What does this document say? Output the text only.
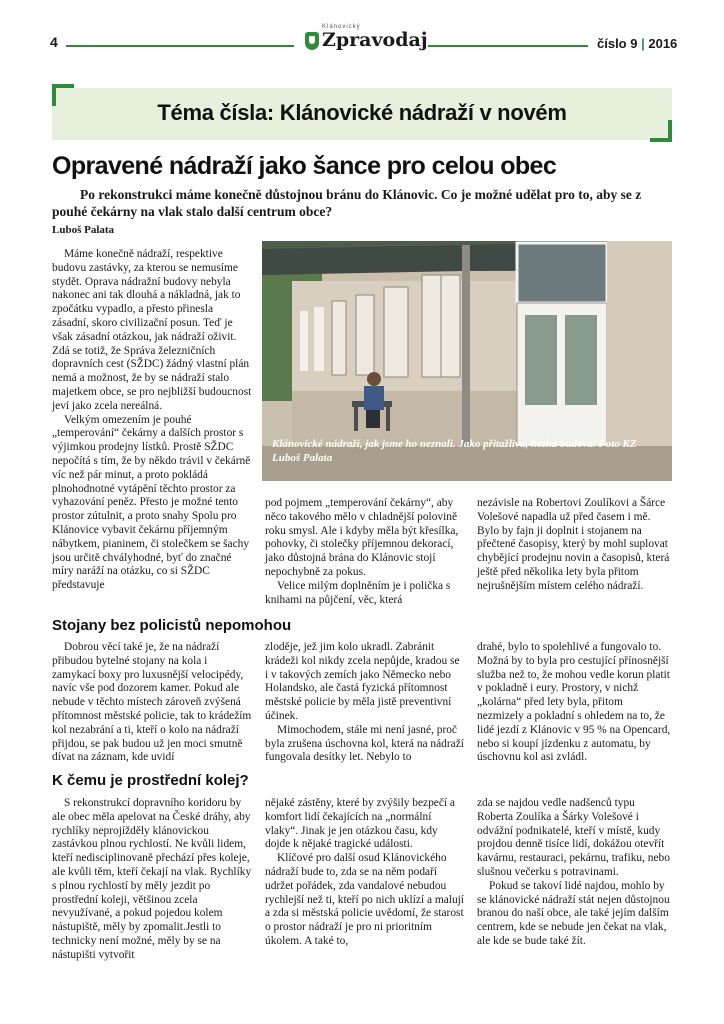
4
Klánovický
Zpravodaj	číslo 9 | 2016
Téma čísla: Klánovické nádraží v novém
Opravené nádraží jako šance pro celou obec
Po rekonstrukci máme konečně důstojnou bránu do Klánovic. Co je možné udělat pro to, aby se z pouhé čekárny na vlak stalo další centrum obce?
Luboš Palata
Klánovické nádraží, jak jsme ho neznali. Jako přitažlivá, hezká budova. Foto KZ Luboš Palata

Máme konečně nádraží, respektive budovu zastávky, za kterou se nemusíme stydět. Oprava nádražní budovy nebyla nakonec ani tak dlouhá a nákladná, jak to zpočátku vypadlo, a přesto přinesla zásadní, skoro civilizační posun. Teď je však zásadní otázkou, jak nádraží oživit. Zdá se totiž, že Správa železničních dopravních cest (SŽDC) žádný vlastní plán nemá a možnost, že by se nádraží stalo majetkem obce, se pro nejbližší budoucnost jeví jako zcela nereálná.

Velkým omezením je pouhé „temperování“ čekárny a dalších prostor s výjimkou prodejny lístků. Prostě SŽDC nepočítá s tím, že by někdo trávil v čekárně víc než pár minut, a proto pokládá plnohodnotné vytápění těchto prostor za vyhazování peněz. Přesto je možné tento prostor zútulnit, a proto snahy Spolu pro Klánovice vybavit čekárnu příjemným nábytkem, pianinem, či stolečkem se šachy jsou určitě chvályhodné, byť do značné míry naráží na otázku, co si SŽDC představuje

pod pojmem „temperování čekárny“, aby něco takového mělo v chladnější polovině roku smysl. Ale i kdyby měla být křesílka, pohovky, či stolečky příjemnou dekorací, jako důstojná brána do Klánovic stojí nepochybně za pokus.

Velice milým doplněním je i polička s knihami na půjčení, věc, která

nezávisle na Robertovi Zoulíkovi a Šárce Volešové napadla už před časem i mě. Bylo by fajn ji doplnit i stojanem na přečtené časopisy, který by mohl suplovat chybějící prodejnu novin a časopisů, která ještě před několika lety byla přitom nejrušnějším místem celého nádraží.

Stojany bez policistů nepomohou

Dobrou věcí také je, že na nádraží přibudou bytelné stojany na kola i zamykací boxy pro luxusnější velocipédy, navíc vše pod dozorem kamer. Pokud ale nebude v těchto místech zároveň zvýšená přítomnost městské policie, tak to krádežím kol nezabrání a ti, kteří o kolo na nádraží přijdou, se pak budou už jen moci smutně dívat na záznam, kde uvidí

zloděje, jež jim kolo ukradl. Zabránit krádeži kol nikdy zcela nepůjde, kradou se i v takových zemích jako Německo nebo Holandsko, ale častá fyzická přítomnost městské policie by měla jistě preventivní účinek.

Mimochodem, stále mi není jasné, proč byla zrušena úschovna kol, která na nádraží fungovala desítky let. Nebylo to

drahé, bylo to spolehlivé a fungovalo to. Možná by to byla pro cestující přínosnější služba než to, že mohou vedle korun platit v pokladně i eury. Prostory, v nichž „kolárna“ před lety byla, přitom nezmizely a pokladní s ohledem na to, že lidé jezdí z Klánovic v 95 % na Opencard, nebo si koupí jízdenku z automatu, by úschovnu kol asi zvládl.

K čemu je prostřední kolej?

S rekonstrukcí dopravního koridoru by ale obec měla apelovat na České dráhy, aby rychlíky neprojížděly klánovickou zastávkou plnou rychlostí. Ne kvůli lidem, kteří nedisciplinovaně přechází přes koleje, ale kvůli těm, kteří čekají na vlak. Rychlíky s plnou rychlostí by měly jezdit po prostřední koleji, většinou zcela nevyužívané, a pokud pojedou kolem nástupiště, měly by zpomalit.Jestli to technicky není možné, měly by se na nástupišti vytvořit

nějaké zástěny, které by zvýšily bezpečí a komfort lidí čekajících na „normální vlaky“. Jinak je jen otázkou času, kdy dojde k nějaké tragické události.

Klíčové pro další osud Klánovického nádraží bude to, zda se na něm podaří udržet pořádek, zda vandalové nebudou rychlejší než ti, kteří po nich uklízí a malují a zda si městská policie uvědomí, že starost o prostor nádraží je pro ni prioritním úkolem. A také to,

zda se najdou vedle nadšenců typu Roberta Zoulíka a Šárky Volešové i odvážní podnikatelé, kteří v místě, kudy projdou denně tisíce lidí, dokážou otevřít kavárnu, restauraci, pekárnu, trafiku, nebo slušnou večerku s potravinami.

Pokud se takoví lidé najdou, mohlo by se klánovické nádraží stát nejen důstojnou branou do naší obce, ale také jejím dalším centrem, kde se nebude jen čekat na vlak, ale kde se bude také žít.
